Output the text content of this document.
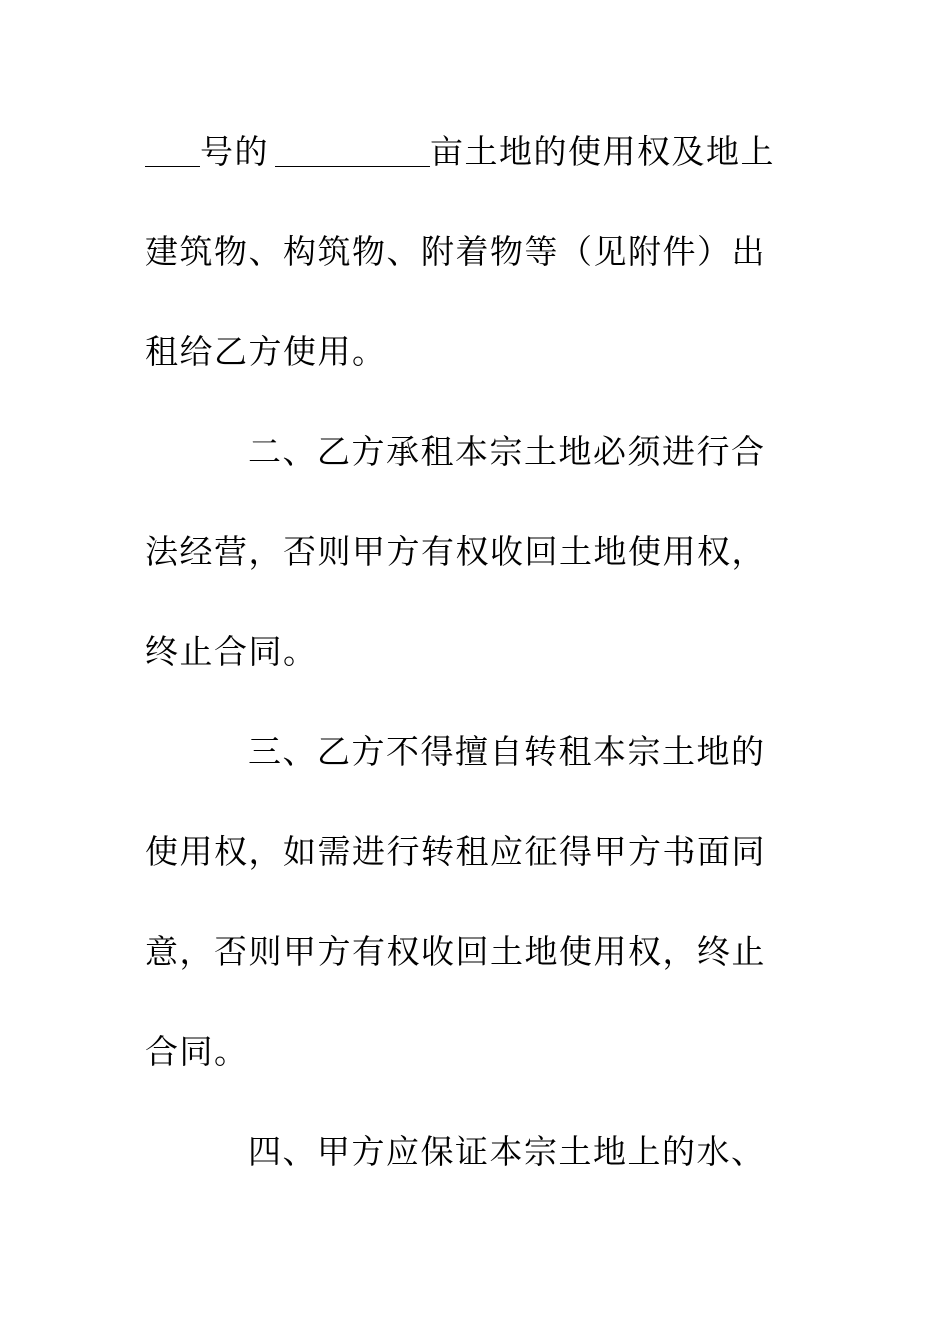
号的	亩土地的使用权及地上
建筑物、构筑物、附着物等（见附件）出
租给乙方使用。
二、乙方承租本宗土地必须进行合
法经营，否则甲方有权收回土地使用权，
终止合同。
三、乙方不得擅自转租本宗土地的
使用权，如需进行转租应征得甲方书面同
意，否则甲方有权收回土地使用权，终止
合同。
四、甲方应保证本宗土地上的水、
